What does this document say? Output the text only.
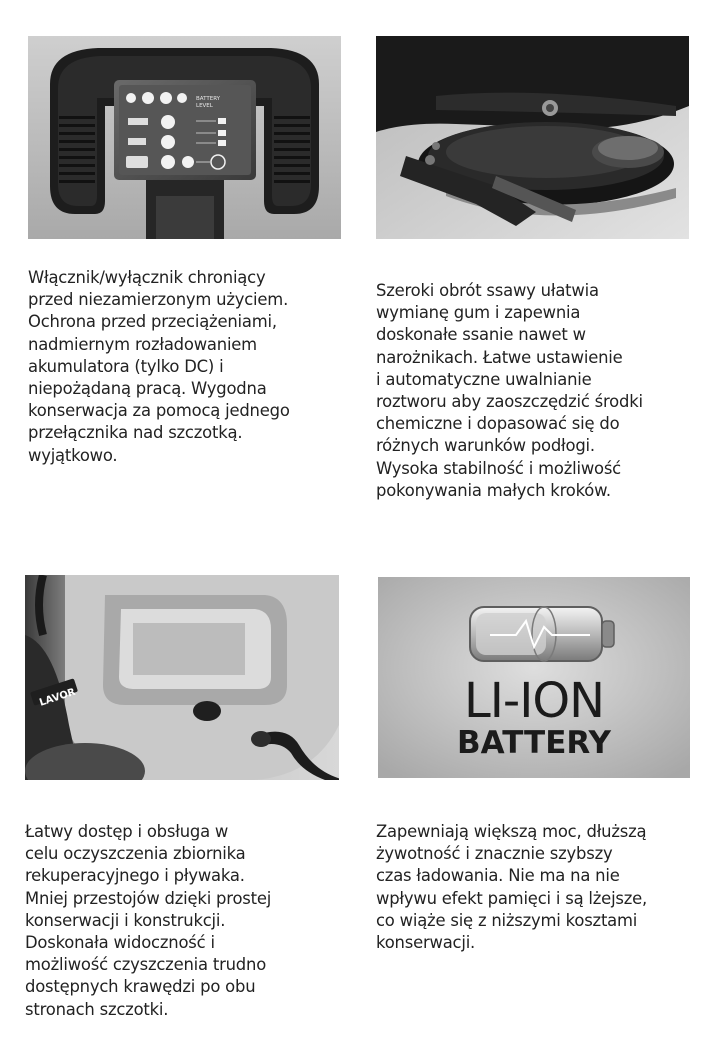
BATTERY
LEVEL
LAVOR	LI-ION
BATTERY
Włącznik/wyłącznik chroniący
przed niezamierzonym użyciem.
Ochrona przed przeciążeniami,
nadmiernym rozładowaniem
akumulatora (tylko DC) i
niepożądaną pracą. Wygodna
konserwacja za pomocą jednego
przełącznika nad szczotką.
wyjątkowo.
Szeroki obrót ssawy ułatwia
wymianę gum i zapewnia
doskonałe ssanie nawet w
narożnikach. Łatwe ustawienie
i automatyczne uwalnianie
roztworu aby zaoszczędzić środki
chemiczne i dopasować się do
różnych warunków podłogi.
Wysoka stabilność i możliwość
pokonywania małych kroków.
Łatwy dostęp i obsługa w
celu oczyszczenia zbiornika
rekuperacyjnego i pływaka.
Mniej przestojów dzięki prostej
konserwacji i konstrukcji.
Doskonała widoczność i
możliwość czyszczenia trudno
dostępnych krawędzi po obu
stronach szczotki.
Zapewniają większą moc, dłuższą
żywotność i znacznie szybszy
czas ładowania. Nie ma na nie
wpływu efekt pamięci i są lżejsze,
co wiąże się z niższymi kosztami
konserwacji.
